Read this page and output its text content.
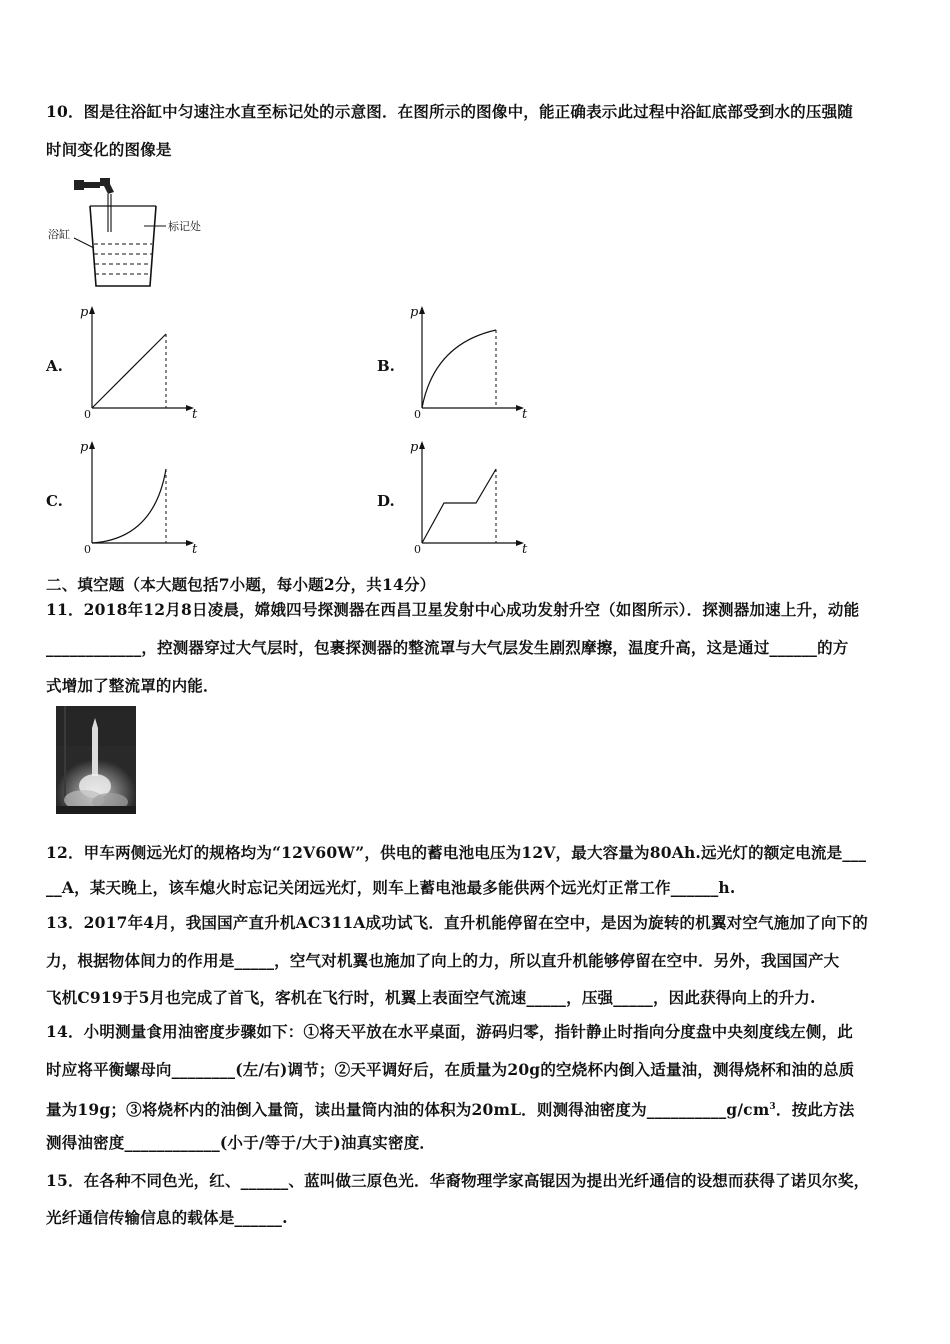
10．图是往浴缸中匀速注水直至标记处的示意图．在图所示的图像中，能正确表示此过程中浴缸底部受到水的压强随
时间变化的图像是
标记处
浴缸
A.
p
t
0
B.
p
t
0
C.
p
t
0
D.
p
t
0
二、填空题（本大题包括7小题，每小题2分，共14分）
11．2018年12月8日凌晨，嫦娥四号探测器在西昌卫星发射中心成功发射升空（如图所示）．探测器加速上升，动能
____________，控测器穿过大气层时，包裹探测器的整流罩与大气层发生剧烈摩擦，温度升高，这是通过______的方
式增加了整流罩的内能．
12．甲车两侧远光灯的规格均为“12V60W”，供电的蓄电池电压为12V，最大容量为80Ah.远光灯的额定电流是___
__A，某天晚上，该车熄火时忘记关闭远光灯，则车上蓄电池最多能供两个远光灯正常工作______h.
13．2017年4月，我国国产直升机AC311A成功试飞．直升机能停留在空中，是因为旋转的机翼对空气施加了向下的
力，根据物体间力的作用是_____，空气对机翼也施加了向上的力，所以直升机能够停留在空中．另外，我国国产大
飞机C919于5月也完成了首飞，客机在飞行时，机翼上表面空气流速_____，压强_____，因此获得向上的升力.
14．小明测量食用油密度步骤如下：①将天平放在水平桌面，游码归零，指针静止时指向分度盘中央刻度线左侧，此
时应将平衡螺母向________(左/右)调节；②天平调好后，在质量为20g的空烧杯内倒入适量油，测得烧杯和油的总质
量为19g；③将烧杯内的油倒入量筒，读出量筒内油的体积为20mL．则测得油密度为$\_\_\_\_\_\_\_\_\_\_g/cm^3$．按此方法
测得油密度____________(小于/等于/大于)油真实密度．
15．在各种不同色光，红、______、蓝叫做三原色光．华裔物理学家高锟因为提出光纤通信的设想而获得了诺贝尔奖，
光纤通信传输信息的载体是______.
